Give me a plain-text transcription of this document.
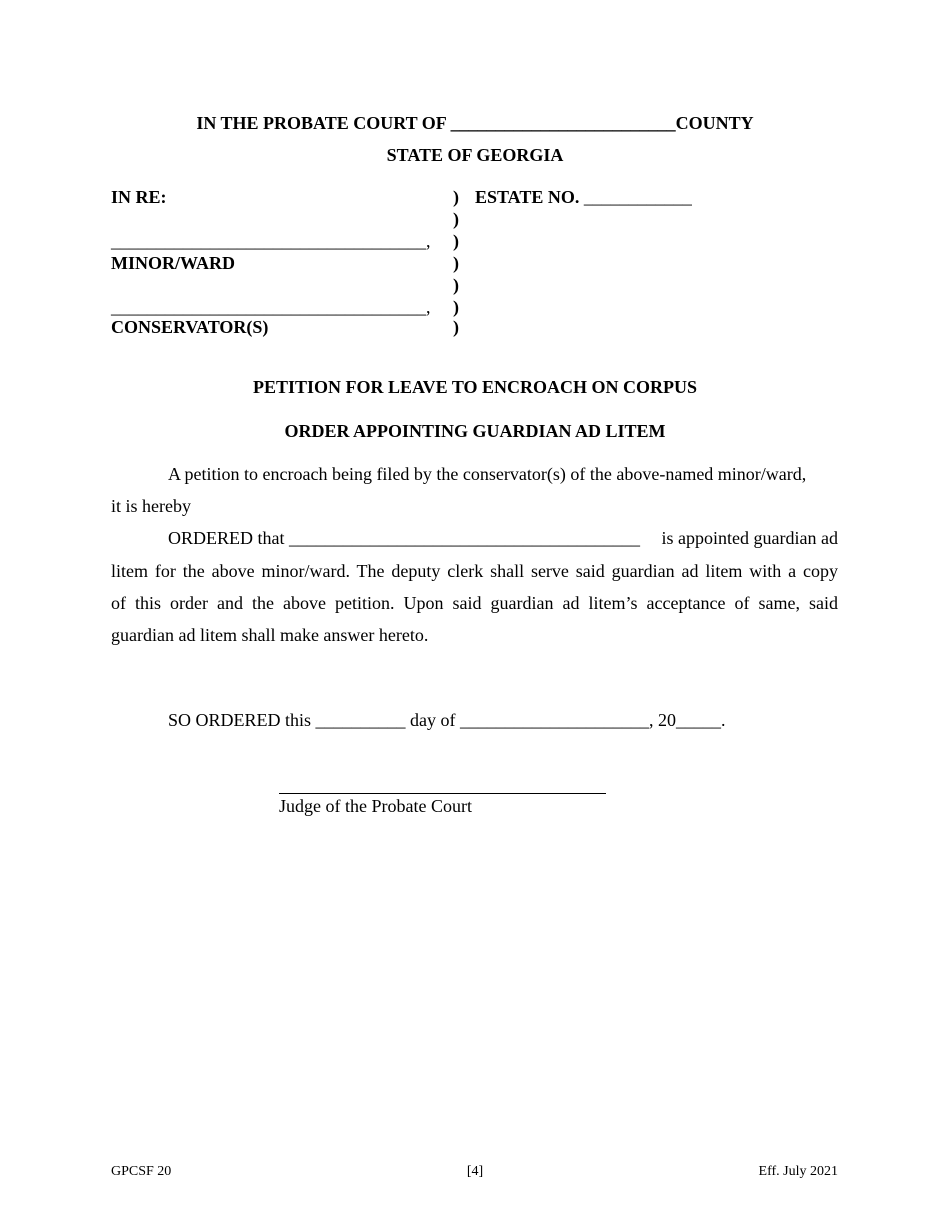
IN THE PROBATE COURT OF _________________________COUNTY
STATE OF GEORGIA
IN RE:	ESTATE NO. ____________
)
)
)
)
)
)
)
___________________________________,
MINOR/WARD
___________________________________,
CONSERVATOR(S)
PETITION FOR LEAVE TO ENCROACH ON CORPUS
ORDER APPOINTING GUARDIAN AD LITEM
A petition to encroach being filed by the conservator(s) of the above-named minor/ward,
it is hereby
ORDERED that _______________________________________ is appointed guardian ad
litem for the above minor/ward. The deputy clerk shall serve said guardian ad litem with a copy
of this order and the above petition. Upon said guardian ad litem’s acceptance of same, said
guardian ad litem shall make answer hereto.
SO ORDERED this __________ day of _____________________, 20_____.
Judge of the Probate Court
GPCSF 20	[4]	Eff. July 2021
